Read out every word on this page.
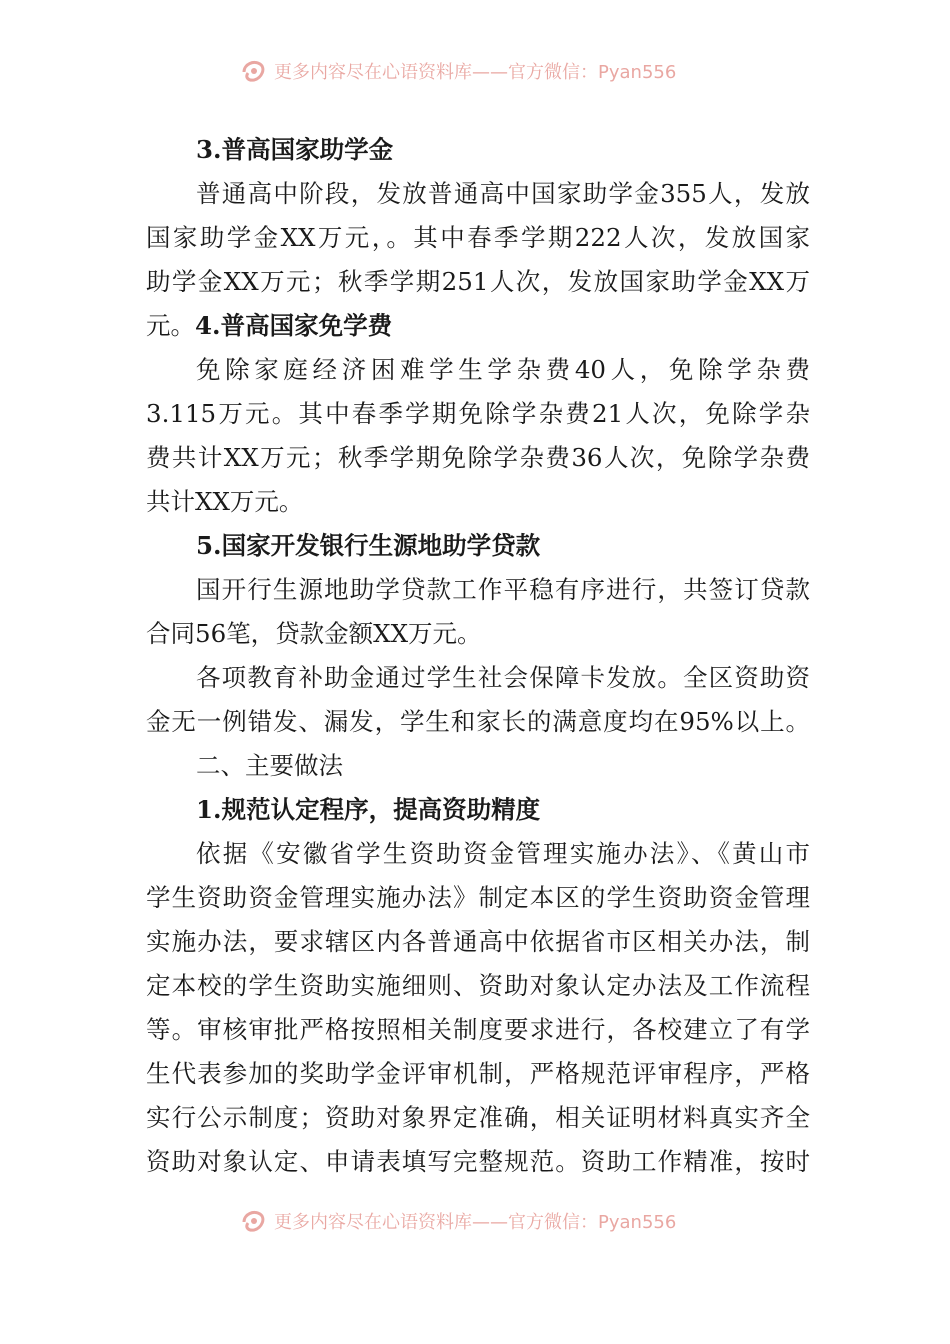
更多内容尽在心语资料库——官方微信：Pyan556
3.普高国家助学金
普通高中阶段，发放普通高中国家助学金355人，发放
国家助学金XX万元，。其中春季学期222人次，发放国家
助学金XX万元；秋季学期251人次，发放国家助学金XX万
元。4.普高国家免学费
免除家庭经济困难学生学杂费40人，免除学杂费
3.115万元。其中春季学期免除学杂费21人次，免除学杂
费共计XX万元；秋季学期免除学杂费36人次，免除学杂费
共计XX万元。
5.国家开发银行生源地助学贷款
国开行生源地助学贷款工作平稳有序进行，共签订贷款
合同56笔，贷款金额XX万元。
各项教育补助金通过学生社会保障卡发放。全区资助资
金无一例错发、漏发，学生和家长的满意度均在95%以上。
二、主要做法
1.规范认定程序，提高资助精度
依据《安徽省学生资助资金管理实施办法》、《黄山市
学生资助资金管理实施办法》制定本区的学生资助资金管理
实施办法，要求辖区内各普通高中依据省市区相关办法，制
定本校的学生资助实施细则、资助对象认定办法及工作流程
等。审核审批严格按照相关制度要求进行，各校建立了有学
生代表参加的奖助学金评审机制，严格规范评审程序，严格
实行公示制度；资助对象界定准确，相关证明材料真实齐全
资助对象认定、申请表填写完整规范。资助工作精准，按时
更多内容尽在心语资料库——官方微信：Pyan556
